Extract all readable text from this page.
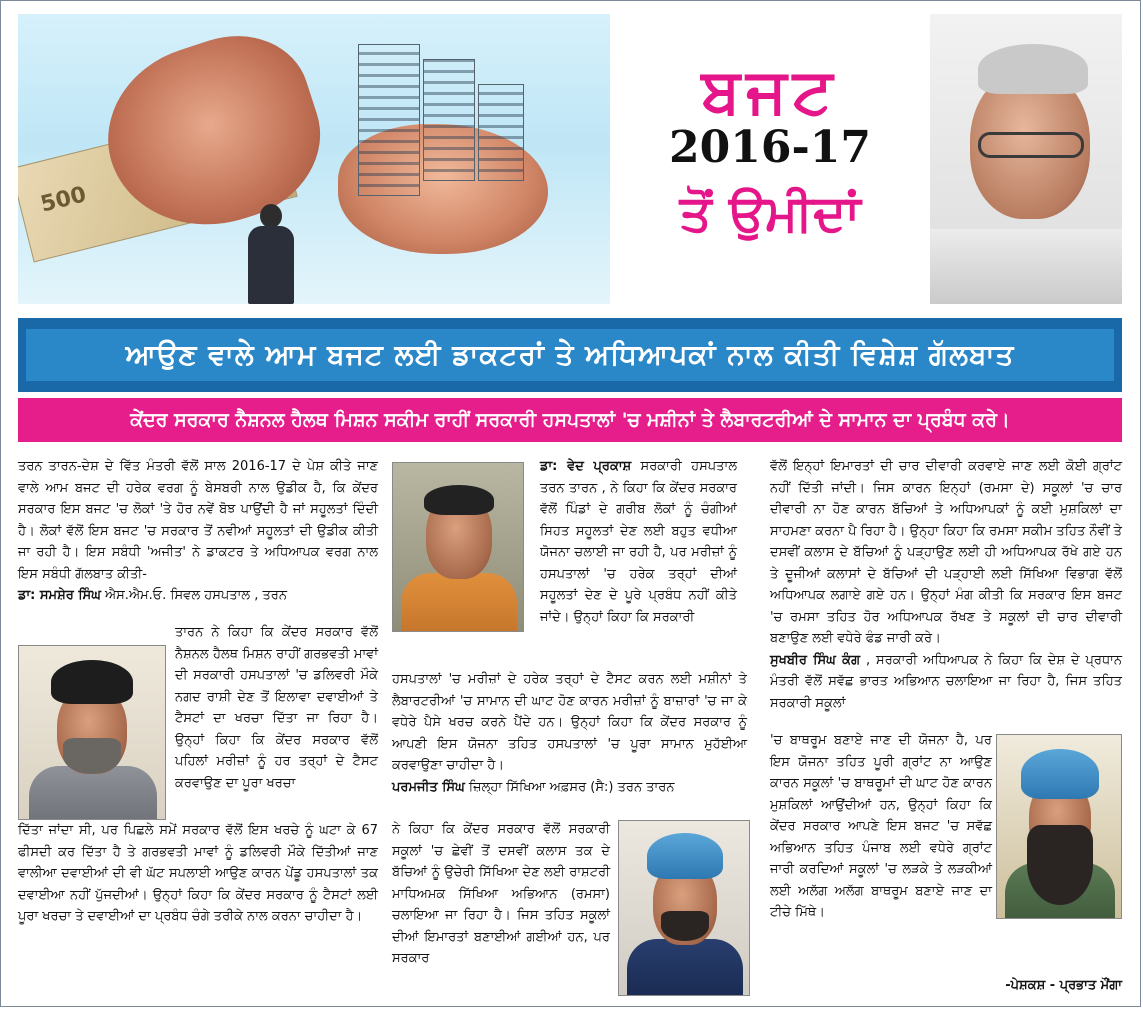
500
ਬਜਟ
2016-17
ਤੋਂ ਉਮੀਦਾਂ
ਆਉਣ ਵਾਲੇ ਆਮ ਬਜਟ ਲਈ ਡਾਕਟਰਾਂ ਤੇ ਅਧਿਆਪਕਾਂ ਨਾਲ ਕੀਤੀ ਵਿਸ਼ੇਸ਼ ਗੱਲਬਾਤ
ਕੇਂਦਰ ਸਰਕਾਰ ਨੈਸ਼ਨਲ ਹੈਲਥ ਮਿਸ਼ਨ ਸਕੀਮ ਰਾਹੀਂ ਸਰਕਾਰੀ ਹਸਪਤਾਲਾਂ 'ਚ ਮਸ਼ੀਨਾਂ ਤੇ ਲੈਬਾਰਟਰੀਆਂ ਦੇ ਸਾਮਾਨ ਦਾ ਪ੍ਰਬੰਧ ਕਰੇ।
ਤਰਨ ਤਾਰਨ-ਦੇਸ਼ ਦੇ ਵਿੱਤ ਮੰਤਰੀ ਵੱਲੋਂ ਸਾਲ 2016-17 ਦੇ ਪੇਸ਼ ਕੀਤੇ ਜਾਣ ਵਾਲੇ ਆਮ ਬਜਟ ਦੀ ਹਰੇਕ ਵਰਗ ਨੂੰ ਬੇਸਬਰੀ ਨਾਲ ਉਡੀਕ ਹੈ, ਕਿ ਕੇਂਦਰ ਸਰਕਾਰ ਇਸ ਬਜਟ 'ਚ ਲੋਕਾਂ 'ਤੇ ਹੋਰ ਨਵੇਂ ਬੋਝ ਪਾਉਂਦੀ ਹੈ ਜਾਂ ਸਹੂਲਤਾਂ ਦਿੰਦੀ ਹੈ। ਲੋਕਾਂ ਵੱਲੋਂ ਇਸ ਬਜਟ 'ਚ ਸਰਕਾਰ ਤੋਂ ਨਵੀਆਂ ਸਹੂਲਤਾਂ ਦੀ ਉਡੀਕ ਕੀਤੀ ਜਾ ਰਹੀ ਹੈ। ਇਸ ਸਬੰਧੀ 'ਅਜੀਤ' ਨੇ ਡਾਕਟਰ ਤੇ ਅਧਿਆਪਕ ਵਰਗ ਨਾਲ ਇਸ ਸਬੰਧੀ ਗੱਲਬਾਤ ਕੀਤੀ-
ਡਾ: ਸਮਸ਼ੇਰ ਸਿੰਘ ਐਸ.ਐਮ.ਓ. ਸਿਵਲ ਹਸਪਤਾਲ , ਤਰਨ
ਤਾਰਨ ਨੇ ਕਿਹਾ ਕਿ ਕੇਂਦਰ ਸਰਕਾਰ ਵੱਲੋਂ ਨੈਸ਼ਨਲ ਹੈਲਥ ਮਿਸ਼ਨ ਰਾਹੀਂ ਗਰਭਵਤੀ ਮਾਵਾਂ ਦੀ ਸਰਕਾਰੀ ਹਸਪਤਾਲਾਂ 'ਚ ਡਲਿਵਰੀ ਮੌਕੇ ਨਗਦ ਰਾਸ਼ੀ ਦੇਣ ਤੋਂ ਇਲਾਵਾ ਦਵਾਈਆਂ ਤੇ ਟੈਸਟਾਂ ਦਾ ਖਰਚਾ ਦਿੱਤਾ ਜਾ ਰਿਹਾ ਹੈ। ਉਨ੍ਹਾਂ ਕਿਹਾ ਕਿ ਕੇਂਦਰ ਸਰਕਾਰ ਵੱਲੋਂ ਪਹਿਲਾਂ ਮਰੀਜ਼ਾਂ ਨੂੰ ਹਰ ਤਰ੍ਹਾਂ ਦੇ ਟੈਸਟ ਕਰਵਾਉਣ ਦਾ ਪੂਰਾ ਖਰਚਾ
ਦਿੱਤਾ ਜਾਂਦਾ ਸੀ, ਪਰ ਪਿਛਲੇ ਸਮੇਂ ਸਰਕਾਰ ਵੱਲੋਂ ਇਸ ਖਰਚੇ ਨੂੰ ਘਟਾ ਕੇ 67 ਫੀਸਦੀ ਕਰ ਦਿੱਤਾ ਹੈ ਤੇ ਗਰਭਵਤੀ ਮਾਵਾਂ ਨੂੰ ਡਲਿਵਰੀ ਮੌਕੇ ਦਿੱਤੀਆਂ ਜਾਣ ਵਾਲੀਆ ਦਵਾਈਆਂ ਦੀ ਵੀ ਘੱਟ ਸਪਲਾਈ ਆਉਣ ਕਾਰਨ ਪੇਂਡੂ ਹਸਪਤਾਲਾਂ ਤਕ ਦਵਾਈਆ ਨਹੀਂ ਪੁੱਜਦੀਆਂ। ਉਨ੍ਹਾਂ ਕਿਹਾ ਕਿ ਕੇਂਦਰ ਸਰਕਾਰ ਨੂੰ ਟੈਸਟਾਂ ਲਈ ਪੂਰਾ ਖਰਚਾ ਤੇ ਦਵਾਈਆਂ ਦਾ ਪ੍ਰਬੰਧ ਚੰਗੇ ਤਰੀਕੇ ਨਾਲ ਕਰਨਾ ਚਾਹੀਦਾ ਹੈ।
ਡਾ: ਵੇਦ ਪ੍ਰਕਾਸ਼ ਸਰਕਾਰੀ ਹਸਪਤਾਲ ਤਰਨ ਤਾਰਨ , ਨੇ ਕਿਹਾ ਕਿ ਕੇਂਦਰ ਸਰਕਾਰ ਵੱਲੋਂ ਪਿੰਡਾਂ ਦੇ ਗਰੀਬ ਲੋਕਾਂ ਨੂੰ ਚੰਗੀਆਂ ਸਿਹਤ ਸਹੂਲਤਾਂ ਦੇਣ ਲਈ ਬਹੁਤ ਵਧੀਆ ਯੋਜਨਾ ਚਲਾਈ ਜਾ ਰਹੀ ਹੈ, ਪਰ ਮਰੀਜ਼ਾਂ ਨੂੰ ਹਸਪਤਾਲਾਂ 'ਚ ਹਰੇਕ ਤਰ੍ਹਾਂ ਦੀਆਂ ਸਹੂਲਤਾਂ ਦੇਣ ਦੇ ਪੂਰੇ ਪ੍ਰਬੰਧ ਨਹੀਂ ਕੀਤੇ ਜਾਂਦੇ। ਉਨ੍ਹਾਂ ਕਿਹਾ ਕਿ ਸਰਕਾਰੀ
ਹਸਪਤਾਲਾਂ 'ਚ ਮਰੀਜ਼ਾਂ ਦੇ ਹਰੇਕ ਤਰ੍ਹਾਂ ਦੇ ਟੈਸਟ ਕਰਨ ਲਈ ਮਸ਼ੀਨਾਂ ਤੇ ਲੈਬਾਰਟਰੀਆਂ 'ਚ ਸਾਮਾਨ ਦੀ ਘਾਟ ਹੋਣ ਕਾਰਨ ਮਰੀਜ਼ਾਂ ਨੂੰ ਬਾਜ਼ਾਰਾਂ 'ਚ ਜਾ ਕੇ ਵਧੇਰੇ ਪੈਸੇ ਖਰਚ ਕਰਨੇ ਪੈਂਦੇ ਹਨ। ਉਨ੍ਹਾਂ ਕਿਹਾ ਕਿ ਕੇਂਦਰ ਸਰਕਾਰ ਨੂੰ ਆਪਣੀ ਇਸ ਯੋਜਨਾ ਤਹਿਤ ਹਸਪਤਾਲਾਂ 'ਚ ਪੂਰਾ ਸਾਮਾਨ ਮੁਹੱਈਆ ਕਰਵਾਉਣਾ ਚਾਹੀਦਾ ਹੈ।
ਪਰਮਜੀਤ ਸਿੰਘ ਜ਼ਿਲ੍ਹਾ ਸਿੱਖਿਆ ਅਫ਼ਸਰ (ਸੈ:) ਤਰਨ ਤਾਰਨ
ਨੇ ਕਿਹਾ ਕਿ ਕੇਂਦਰ ਸਰਕਾਰ ਵੱਲੋਂ ਸਰਕਾਰੀ ਸਕੂਲਾਂ 'ਚ ਛੇਵੀਂ ਤੋਂ ਦਸਵੀਂ ਕਲਾਸ ਤਕ ਦੇ ਬੱਚਿਆਂ ਨੂੰ ਉਚੇਰੀ ਸਿੱਖਿਆ ਦੇਣ ਲਈ ਰਾਸ਼ਟਰੀ ਮਾਧਿਅਮਕ ਸਿੱਖਿਆ ਅਭਿਆਨ (ਰਮਸਾ) ਚਲਾਇਆ ਜਾ ਰਿਹਾ ਹੈ। ਜਿਸ ਤਹਿਤ ਸਕੂਲਾਂ ਦੀਆਂ ਇਮਾਰਤਾਂ ਬਣਾਈਆਂ ਗਈਆਂ ਹਨ, ਪਰ ਸਰਕਾਰ
ਵੱਲੋਂ ਇਨ੍ਹਾਂ ਇਮਾਰਤਾਂ ਦੀ ਚਾਰ ਦੀਵਾਰੀ ਕਰਵਾਏ ਜਾਣ ਲਈ ਕੋਈ ਗ੍ਰਾਂਟ ਨਹੀਂ ਦਿੱਤੀ ਜਾਂਦੀ। ਜਿਸ ਕਾਰਨ ਇਨ੍ਹਾਂ (ਰਮਸਾ ਦੇ) ਸਕੂਲਾਂ 'ਚ ਚਾਰ ਦੀਵਾਰੀ ਨਾ ਹੋਣ ਕਾਰਨ ਬੱਚਿਆਂ ਤੇ ਅਧਿਆਪਕਾਂ ਨੂੰ ਕਈ ਮੁਸ਼ਕਿਲਾਂ ਦਾ ਸਾਹਮਣਾ ਕਰਨਾ ਪੈ ਰਿਹਾ ਹੈ। ਉਨ੍ਹਾ ਕਿਹਾ ਕਿ ਰਮਸਾ ਸਕੀਮ ਤਹਿਤ ਨੌਵੀਂ ਤੇ ਦਸਵੀਂ ਕਲਾਸ ਦੇ ਬੱਚਿਆਂ ਨੂੰ ਪੜ੍ਹਾਉਣ ਲਈ ਹੀ ਅਧਿਆਪਕ ਰੱਖੇ ਗਏ ਹਨ ਤੇ ਦੂਜੀਆਂ ਕਲਾਸਾਂ ਦੇ ਬੱਚਿਆਂ ਦੀ ਪੜ੍ਹਾਈ ਲਈ ਸਿੱਖਿਆ ਵਿਭਾਗ ਵੱਲੋਂ ਅਧਿਆਪਕ ਲਗਾਏ ਗਏ ਹਨ। ਉਨ੍ਹਾਂ ਮੰਗ ਕੀਤੀ ਕਿ ਸਰਕਾਰ ਇਸ ਬਜਟ 'ਚ ਰਮਸਾ ਤਹਿਤ ਹੋਰ ਅਧਿਆਪਕ ਰੱਖਣ ਤੇ ਸਕੂਲਾਂ ਦੀ ਚਾਰ ਦੀਵਾਰੀ ਬਣਾਉਣ ਲਈ ਵਧੇਰੇ ਫੰਡ ਜਾਰੀ ਕਰੇ।
ਸੁਖਬੀਰ ਸਿੰਘ ਕੰਗ , ਸਰਕਾਰੀ ਅਧਿਆਪਕ ਨੇ ਕਿਹਾ ਕਿ ਦੇਸ਼ ਦੇ ਪ੍ਰਧਾਨ ਮੰਤਰੀ ਵੱਲੋਂ ਸਵੱਛ ਭਾਰਤ ਅਭਿਆਨ ਚਲਾਇਆ ਜਾ ਰਿਹਾ ਹੈ, ਜਿਸ ਤਹਿਤ ਸਰਕਾਰੀ ਸਕੂਲਾਂ
'ਚ ਬਾਥਰੂਮ ਬਣਾਏ ਜਾਣ ਦੀ ਯੋਜਨਾ ਹੈ, ਪਰ ਇਸ ਯੋਜਨਾ ਤਹਿਤ ਪੂਰੀ ਗ੍ਰਾਂਟ ਨਾ ਆਉਣ ਕਾਰਨ ਸਕੂਲਾਂ 'ਚ ਬਾਥਰੂਮਾਂ ਦੀ ਘਾਟ ਹੋਣ ਕਾਰਨ ਮੁਸ਼ਕਿਲਾਂ ਆਉਂਦੀਆਂ ਹਨ, ਉਨ੍ਹਾਂ ਕਿਹਾ ਕਿ ਕੇਂਦਰ ਸਰਕਾਰ ਆਪਣੇ ਇਸ ਬਜਟ 'ਚ ਸਵੱਛ ਅਭਿਆਨ ਤਹਿਤ ਪੰਜਾਬ ਲਈ ਵਧੇਰੇ ਗ੍ਰਾਂਟ ਜਾਰੀ ਕਰਦਿਆਂ ਸਕੂਲਾਂ 'ਚ ਲੜਕੇ ਤੇ ਲੜਕੀਆਂ ਲਈ ਅਲੱਗ ਅਲੱਗ ਬਾਥਰੂਮ ਬਣਾਏ ਜਾਣ ਦਾ ਟੀਚੇ ਮਿੱਥੇ।
-ਪੇਸ਼ਕਸ਼ - ਪ੍ਰਭਾਤ ਮੌਂਗਾ
